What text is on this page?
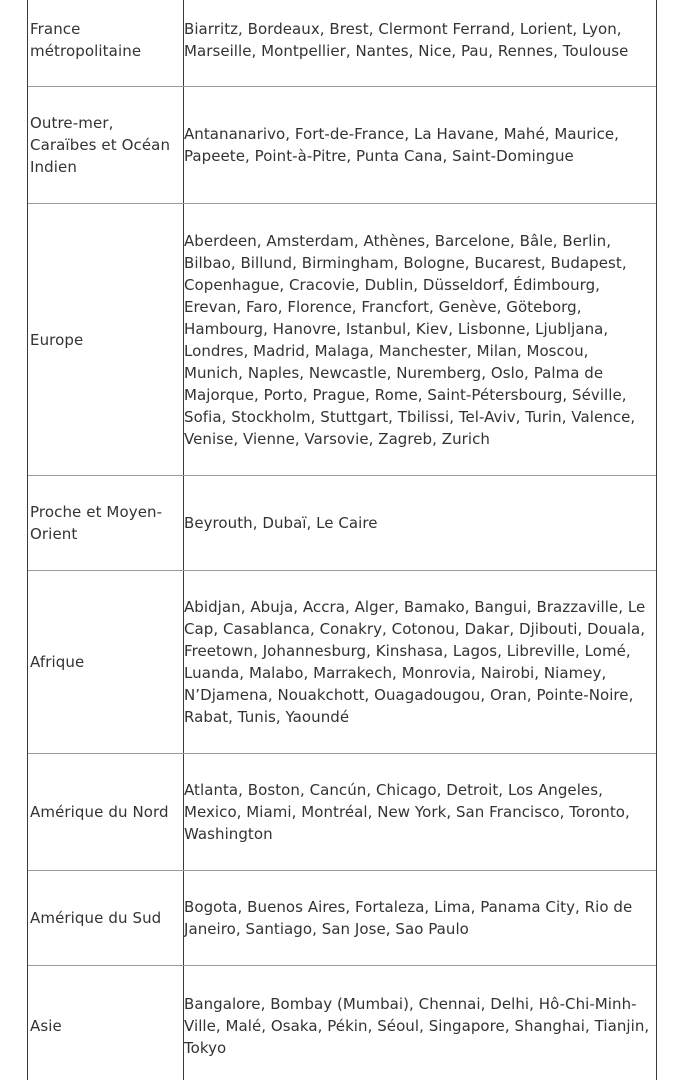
France métropolitaine
Biarritz, Bordeaux, Brest, Clermont Ferrand, Lorient, Lyon, Marseille, Montpellier, Nantes, Nice, Pau, Rennes, Toulouse
Outre-mer, Caraïbes et Océan Indien
Antananarivo, Fort-de-France, La Havane, Mahé, Maurice, Papeete, Point-à-Pitre, Punta Cana, Saint-Domingue
Europe
Aberdeen, Amsterdam, Athènes, Barcelone, Bâle, Berlin, Bilbao, Billund, Birmingham, Bologne, Bucarest, Budapest, Copenhague, Cracovie, Dublin, Düsseldorf, Édimbourg, Erevan, Faro, Florence, Francfort, Genève, Göteborg, Hambourg, Hanovre, Istanbul, Kiev, Lisbonne, Ljubljana, Londres, Madrid, Malaga, Manchester, Milan, Moscou, Munich, Naples, Newcastle, Nuremberg, Oslo, Palma de Majorque, Porto, Prague, Rome, Saint-Pétersbourg, Séville, Sofia, Stockholm, Stuttgart, Tbilissi, Tel-Aviv, Turin, Valence, Venise, Vienne, Varsovie, Zagreb, Zurich
Proche et Moyen-Orient
Beyrouth, Dubaï, Le Caire
Afrique
Abidjan, Abuja, Accra, Alger, Bamako, Bangui, Brazzaville, Le Cap, Casablanca, Conakry, Cotonou, Dakar, Djibouti, Douala, Freetown, Johannesburg, Kinshasa, Lagos, Libreville, Lomé, Luanda, Malabo, Marrakech, Monrovia, Nairobi, Niamey, N’Djamena, Nouakchott, Ouagadougou, Oran, Pointe-Noire, Rabat, Tunis, Yaoundé
Amérique du Nord
Atlanta, Boston, Cancún, Chicago, Detroit, Los Angeles, Mexico, Miami, Montréal, New York, San Francisco, Toronto, Washington
Amérique du Sud
Bogota, Buenos Aires, Fortaleza, Lima, Panama City, Rio de Janeiro, Santiago, San Jose, Sao Paulo
Asie
Bangalore, Bombay (Mumbai), Chennai, Delhi, Hô-Chi-Minh-Ville, Malé, Osaka, Pékin, Séoul, Singapore, Shanghai, Tianjin, Tokyo
